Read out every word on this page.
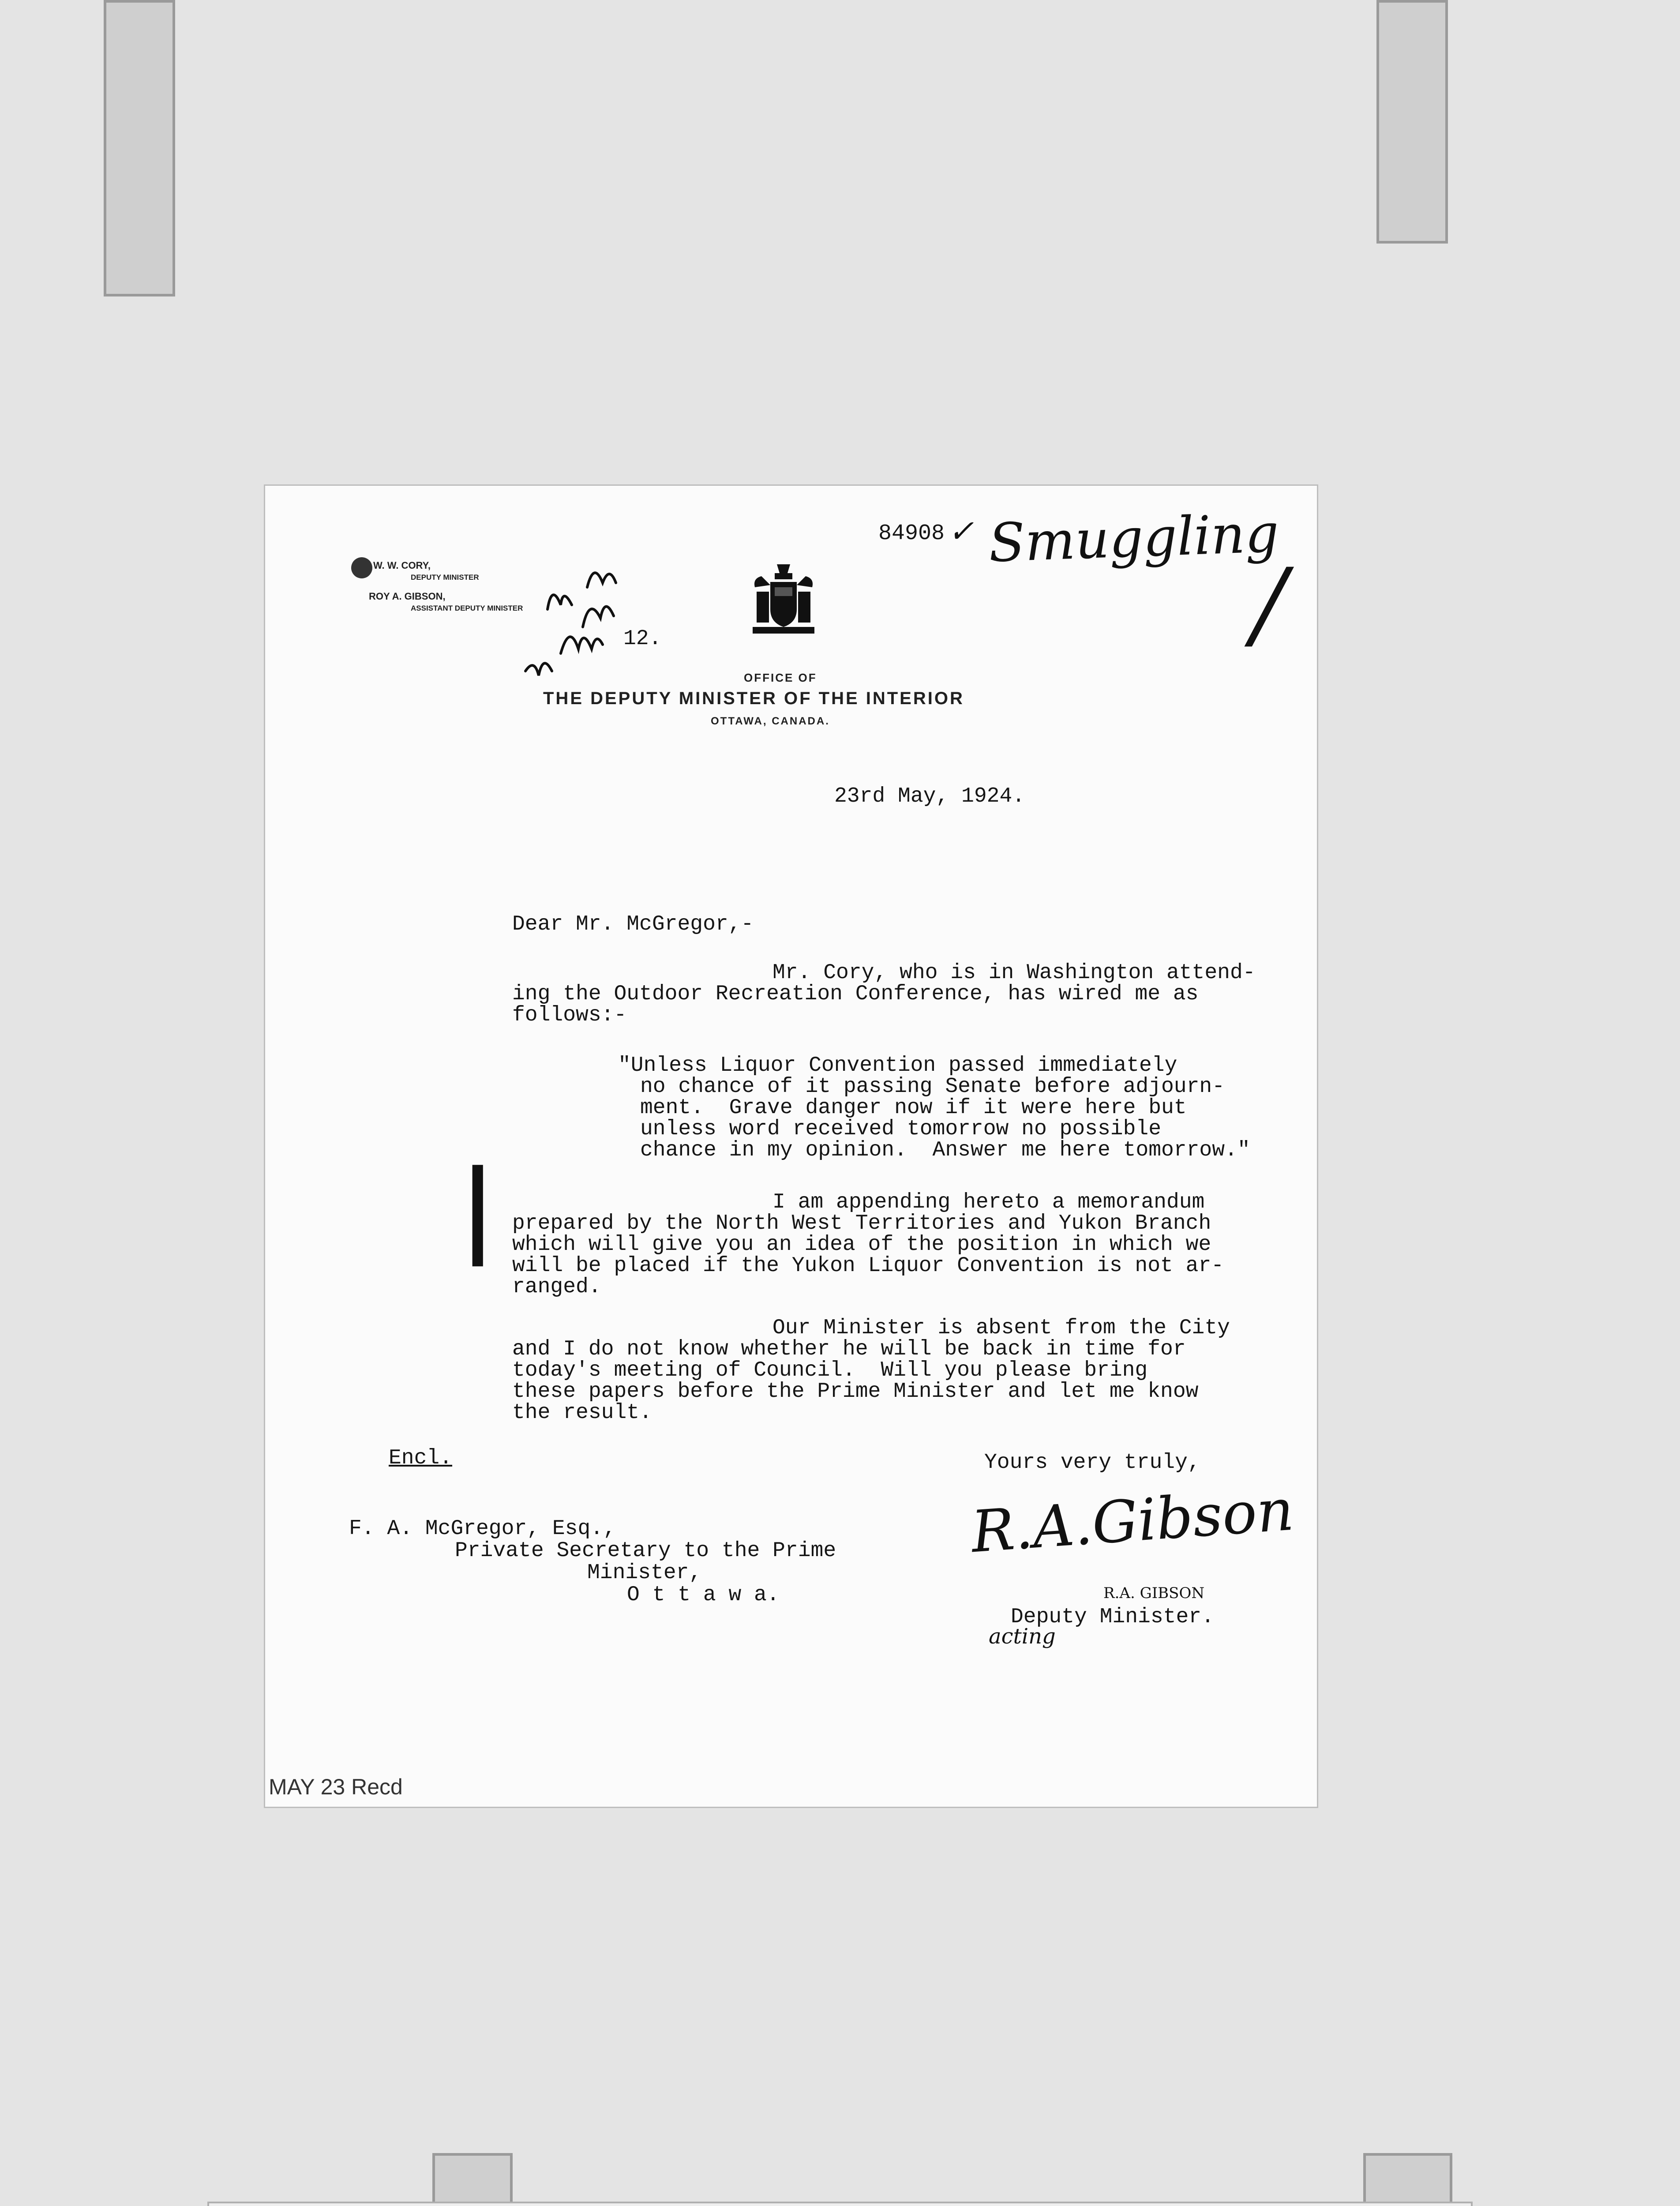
W. W. CORY,

DEPUTY MINISTER

ROY A. GIBSON,

ASSISTANT DEPUTY MINISTER

OFFICE OF

THE DEPUTY MINISTER OF THE INTERIOR

OTTAWA, CANADA.

84908 ✓

12.

Smuggling

/

|

23rd May, 1924.

Dear Mr. McGregor,-

Mr. Cory, who is in Washington attend-

ing the Outdoor Recreation Conference, has wired me as

follows:-

"Unless Liquor Convention passed immediately

no chance of it passing Senate before adjourn-

ment.  Grave danger now if it were here but

unless word received tomorrow no possible

chance in my opinion.  Answer me here tomorrow."

I am appending hereto a memorandum

prepared by the North West Territories and Yukon Branch

which will give you an idea of the position in which we

will be placed if the Yukon Liquor Convention is not ar-

ranged.

Our Minister is absent from the City

and I do not know whether he will be back in time for

today's meeting of Council.  Will you please bring

these papers before the Prime Minister and let me know

the result.

Encl.	Yours very truly,

F. A. McGregor, Esq.,

Private Secretary to the Prime

Minister,

O t t a w a.

R.A.Gibson

R.A. GIBSON

Deputy Minister.

acting

MAY 23 Recd
